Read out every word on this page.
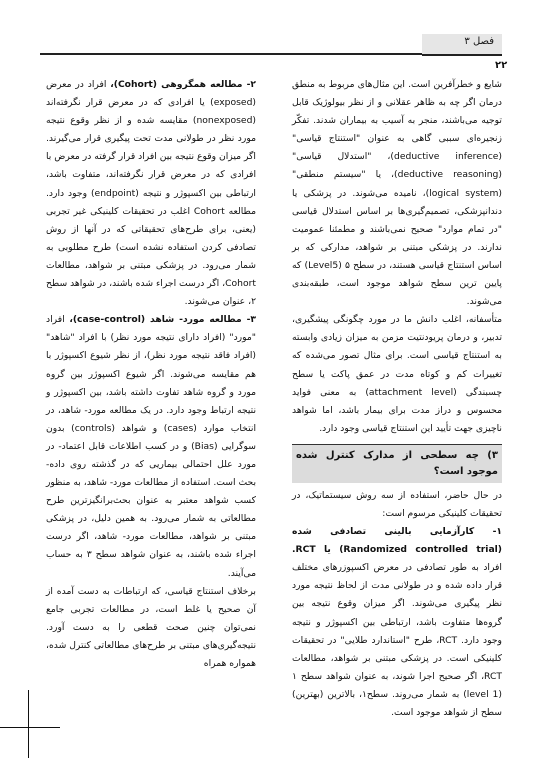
فصل ۳
۲۲

شایع و خطرآفرین است. این مثال‌های مربوط به منطق درمان اگر چه به ظاهر عقلانی و از نظر بیولوژیک قابل توجیه می‌باشند، منجر به آسیب به بیماران شدند. تفکّر زنجیره‌ای سببی گاهی به عنوان "استنتاج قیاسی" (deductive inference)، "استدلال قیاسی" (deductive reasoning)، یا "سیستم منطقی" (logical system)، نامیده می‌شوند. در پزشکی یا دندانپزشکی، تصمیم‌گیری‌ها بر اساس استدلال قیاسی "در تمام موارد" صحیح نمی‌باشند و مطمئنا عمومیت ندارند. در پزشکی مبتنی بر شواهد، مدارکی که بر اساس استنتاج قیاسی هستند، در سطح ۵ (Level5) که پایین ترین سطح شواهد موجود است، طبقه‌بندی می‌شوند.

متأسفانه، اغلب دانش ما در مورد چگونگی پیشگیری، تدبیر، و درمان پریودنتیت مزمن به میزان زیادی وابسته به استنتاج قیاسی است. برای مثال تصور می‌شده که تغییرات کم و کوتاه مدت در عمق پاکت یا سطح چسبندگی (attachment level) به معنی فواید محسوس و دراز مدت برای بیمار باشد، اما شواهد ناچیزی جهت تأیید این استنتاج قیاسی وجود دارد.

۳) چه سطحی از مدارک کنترل شده موجود است؟

در حال حاضر، استفاده از سه روش سیستماتیک، در تحقیقات کلینیکی مرسوم است:

۱- کارآزمایی بالینی تصادفی شده (Randomized controlled trial) یا RCT. افراد به طور تصادفی در معرض اکسپوزرهای مختلف قرار داده شده و در طولانی مدت از لحاظ نتیجه مورد نظر پیگیری می‌شوند. اگر میزان وقوع نتیجه بین گروه‌ها متفاوت باشد، ارتباطی بین اکسپوژر و نتیجه وجود دارد. RCT، طرح "استاندارد طلایی" در تحقیقات کلینیکی است. در پزشکی مبتنی بر شواهد، مطالعات RCT، اگر صحیح اجرا شوند، به عنوان شواهد سطح ۱ (level 1) به شمار می‌روند. سطح۱، بالاترین (بهترین) سطح از شواهد موجود است.

۲- مطالعه همگروهی (Cohort)، افراد در معرض (exposed) یا افرادی که در معرض قرار نگرفته‌اند (nonexposed) مقایسه شده و از نظر وقوع نتیجه مورد نظر در طولانی مدت تحت پیگیری قرار می‌گیرند. اگر میزان وقوع نتیجه بین افراد قرار گرفته در معرض با افرادی که در معرض قرار نگرفته‌اند، متفاوت باشد، ارتباطی بین اکسپوژر و نتیجه (endpoint) وجود دارد. مطالعه Cohort اغلب در تحقیقات کلینیکی غیر تجربی (یعنی، برای طرح‌های تحقیقاتی که در آنها از روش تصادفی کردن استفاده نشده است) طرح مطلوبی به شمار می‌رود. در پزشکی مبتنی بر شواهد، مطالعات Cohort، اگر درست اجراء شده باشند، در شواهد سطح ۲، عنوان می‌شوند.

۳- مطالعه مورد- شاهد (case-control)، افراد "مورد" (افراد دارای نتیجه مورد نظر) با افراد "شاهد" (افراد فاقد نتیجه مورد نظر)، از نظر شیوع اکسپوژر با هم مقایسه می‌شوند. اگر شیوع اکسپوژر بین گروه مورد و گروه شاهد تفاوت داشته باشد، بین اکسپوژر و نتیجه ارتباط وجود دارد. در یک مطالعه مورد- شاهد، در انتخاب موارد (cases) و شواهد (controls) بدون سوگرایی (Bias) و در کسب اطلاعات قابل اعتماد- در مورد علل احتمالی بیماریی که در گذشته روی داده- بحث است. استفاده از مطالعات مورد- شاهد، به منظور کسب شواهد معتبر به عنوان بحث‌برانگیزترین طرح مطالعاتی به شمار می‌رود. به همین دلیل، در پزشکی مبتنی بر شواهد، مطالعات مورد- شاهد، اگر درست اجراء شده باشند، به عنوان شواهد سطح ۳ به حساب می‌آیند.

برخلاف استنتاج قیاسی، که ارتباطات به دست آمده از آن صحیح یا غلط است، در مطالعات تجربی جامع نمی‌توان چنین صحت قطعی را به دست آورد. نتیجه‌گیری‌های مبتنی بر طرح‌های مطالعاتی کنترل شده، همواره همراه
